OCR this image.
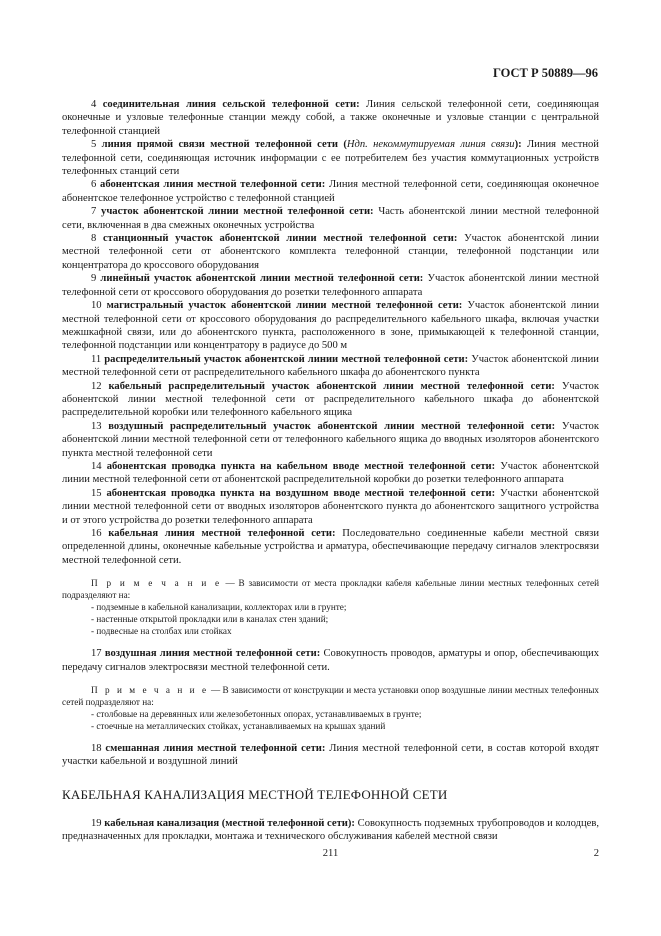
ГОСТ Р 50889—96

4 соединительная линия сельской телефонной сети: Линия сельской телефонной сети, соединяющая оконечные и узловые телефонные станции между собой, а также оконечные и узловые станции с центральной телефонной станцией

5 линия прямой связи местной телефонной сети (Ндп. некоммутируемая линия связи): Линия местной телефонной сети, соединяющая источник информации с ее потребителем без участия коммутационных устройств телефонных станций сети

6 абонентская линия местной телефонной сети: Линия местной телефонной сети, соединяющая оконечное абонентское телефонное устройство с телефонной станцией

7 участок абонентской линии местной телефонной сети: Часть абонентской линии местной телефонной сети, включенная в два смежных оконечных устройства

8 станционный участок абонентской линии местной телефонной сети: Участок абонентской линии местной телефонной сети от абонентского комплекта телефонной станции, телефонной подстанции или концентратора до кроссового оборудования

9 линейный участок абонентской линии местной телефонной сети: Участок абонентской линии местной телефонной сети от кроссового оборудования до розетки телефонного аппарата

10 магистральный участок абонентской линии местной телефонной сети: Участок абонентской линии местной телефонной сети от кроссового оборудования до распределительного кабельного шкафа, включая участки межшкафной связи, или до абонентского пункта, расположенного в зоне, примыкающей к телефонной станции, телефонной подстанции или концентратору в радиусе до 500 м

11 распределительный участок абонентской линии местной телефонной сети: Участок абонентской линии местной телефонной сети от распределительного кабельного шкафа до абонентского пункта

12 кабельный распределительный участок абонентской линии местной телефонной сети: Участок абонентской линии местной телефонной сети от распределительного кабельного шкафа до абонентской распределительной коробки или телефонного кабельного ящика

13 воздушный распределительный участок абонентской линии местной телефонной сети: Участок абонентской линии местной телефонной сети от телефонного кабельного ящика до вводных изоляторов абонентского пункта местной телефонной сети

14 абонентская проводка пункта на кабельном вводе местной телефонной сети: Участок абонентской линии местной телефонной сети от абонентской распределительной коробки до розетки телефонного аппарата

15 абонентская проводка пункта на воздушном вводе местной телефонной сети: Участки абонентской линии местной телефонной сети от вводных изоляторов абонентского пункта до абонентского защитного устройства и от этого устройства до розетки телефонного аппарата

16 кабельная линия местной телефонной сети: Последовательно соединенные кабели местной связи определенной длины, оконечные кабельные устройства и арматура, обеспечивающие передачу сигналов электросвязи местной телефонной сети.

П р и м е ч а н и е — В зависимости от места прокладки кабеля кабельные линии местных телефонных сетей подразделяют на:
- подземные в кабельной канализации, коллекторах или в грунте;
- настенные открытой прокладки или в каналах стен зданий;
- подвесные на столбах или стойках

17 воздушная линия местной телефонной сети: Совокупность проводов, арматуры и опор, обеспечивающих передачу сигналов электросвязи местной телефонной сети.

П р и м е ч а н и е — В зависимости от конструкции и места установки опор воздушные линии местных телефонных сетей подразделяют на:
- столбовые на деревянных или железобетонных опорах, устанавливаемых в грунте;
- стоечные на металлических стойках, устанавливаемых на крышах зданий

18 смешанная линия местной телефонной сети: Линия местной телефонной сети, в состав которой входят участки кабельной и воздушной линий

КАБЕЛЬНАЯ КАНАЛИЗАЦИЯ МЕСТНОЙ ТЕЛЕФОННОЙ СЕТИ

19 кабельная канализация (местной телефонной сети): Совокупность подземных трубопроводов и колодцев, предназначенных для прокладки, монтажа и технического обслуживания кабелей местной связи

211	2
